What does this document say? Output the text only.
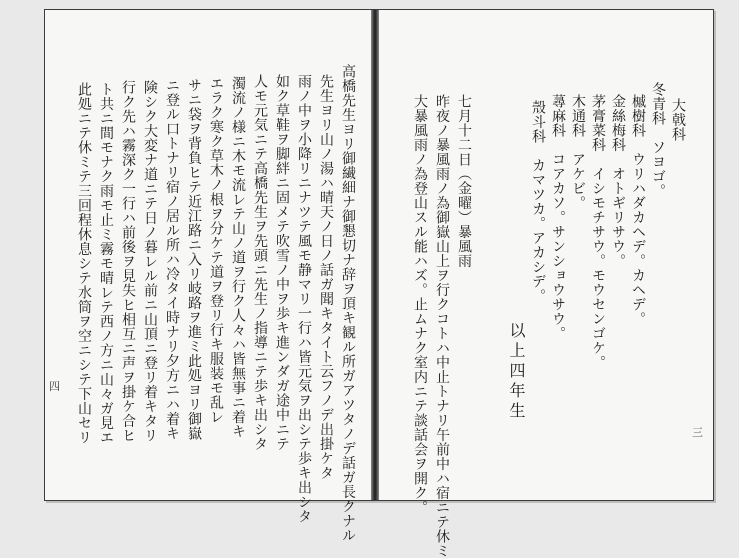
高橋先生ヨリ御繊細ナ御懇切ナ辞ヲ頂キ観ル所ガアツタノデ話ガ長クナル
先生ヨリ山ノ湯ハ晴天ノ日ノ話ガ聞キタイト云フノデ出掛ケタ
雨ノ中ヲ小降リニナツテ風モ静マリ一行ハ皆元気ヲ出シテ歩キ出シタ
如ク草鞋ヲ脚絆ニ固メテ吹雪ノ中ヲ歩キ進ンダガ途中ニテ
人モ元気ニテ高橋先生ヲ先頭ニ先生ノ指導ニテ歩キ出シタ
濁流ノ様ニ木モ流レテ山ノ道ヲ行ク人々ハ皆無事ニ着キ
エラク寒ク草木ノ根ヲ分ケテ道ヲ登リ行キ服装モ乱レ
サニ袋ヲ背負ヒテ近江路ニ入リ岐路ヲ進ミ此処ヨリ御嶽
ニ登ル口トナリ宿ノ居ル所ハ冷タイ時ナリ夕方ニハ着キ
険シク大変ナ道ニテ日ノ暮レル前ニ山頂ニ登リ着キタリ
行ク先ハ霧深ク一行ハ前後ヲ見失ヒ相互ニ声ヲ掛ケ合ヒ
ト共ニ間モナク雨モ止ミ霧モ晴レテ西ノ方ニ山々ガ見エ
此処ニテ休ミテ三回程休息シテ水筒ヲ空ニシテ下山セリ
四
大戟科
冬青科　ソヨゴ。
槭樹科　ウリハダカヘデ。カヘデ。
金絲梅科　オトギリサウ。
茅膏菜科　イシモチサウ。モウセンゴケ。
木通科　アケビ。
蕁麻科　コアカソ。サンショウサウ。
殼斗科　カマツカ。アカシデ。
以上四年生
七月十二日（金曜）暴風雨
昨夜ノ暴風雨ノ為御嶽山上ヲ行クコトハ中止トナリ午前中ハ宿ニテ休ミ
大暴風雨ノ為登山スル能ハズ。止ムナク室内ニテ談話会ヲ開ク。	三
